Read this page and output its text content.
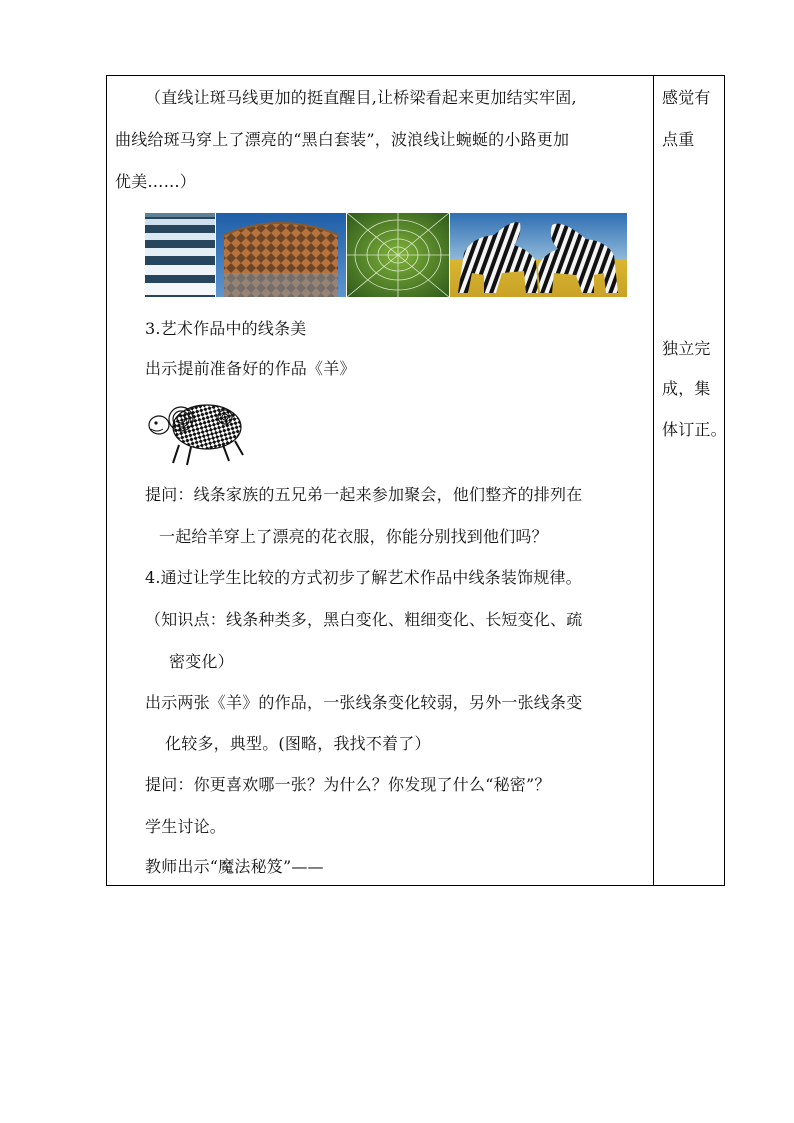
（直线让斑马线更加的挺直醒目,让桥梁看起来更加结实牢固,
曲线给斑马穿上了漂亮的“黑白套装”，波浪线让蜿蜒的小路更加
优美……）
3.艺术作品中的线条美
出示提前准备好的作品《羊》
提问：线条家族的五兄弟一起来参加聚会，他们整齐的排列在
一起给羊穿上了漂亮的花衣服，你能分别找到他们吗？
4.通过让学生比较的方式初步了解艺术作品中线条装饰规律。
（知识点：线条种类多，黑白变化、粗细变化、长短变化、疏
密变化）
出示两张《羊》的作品，一张线条变化较弱，另外一张线条变
化较多，典型。(图略，我找不着了）
提问：你更喜欢哪一张？为什么？你发现了什么“秘密”？
学生讨论。
教师出示“魔法秘笈”——
感觉有
点重
独立完
成，集
体订正。
